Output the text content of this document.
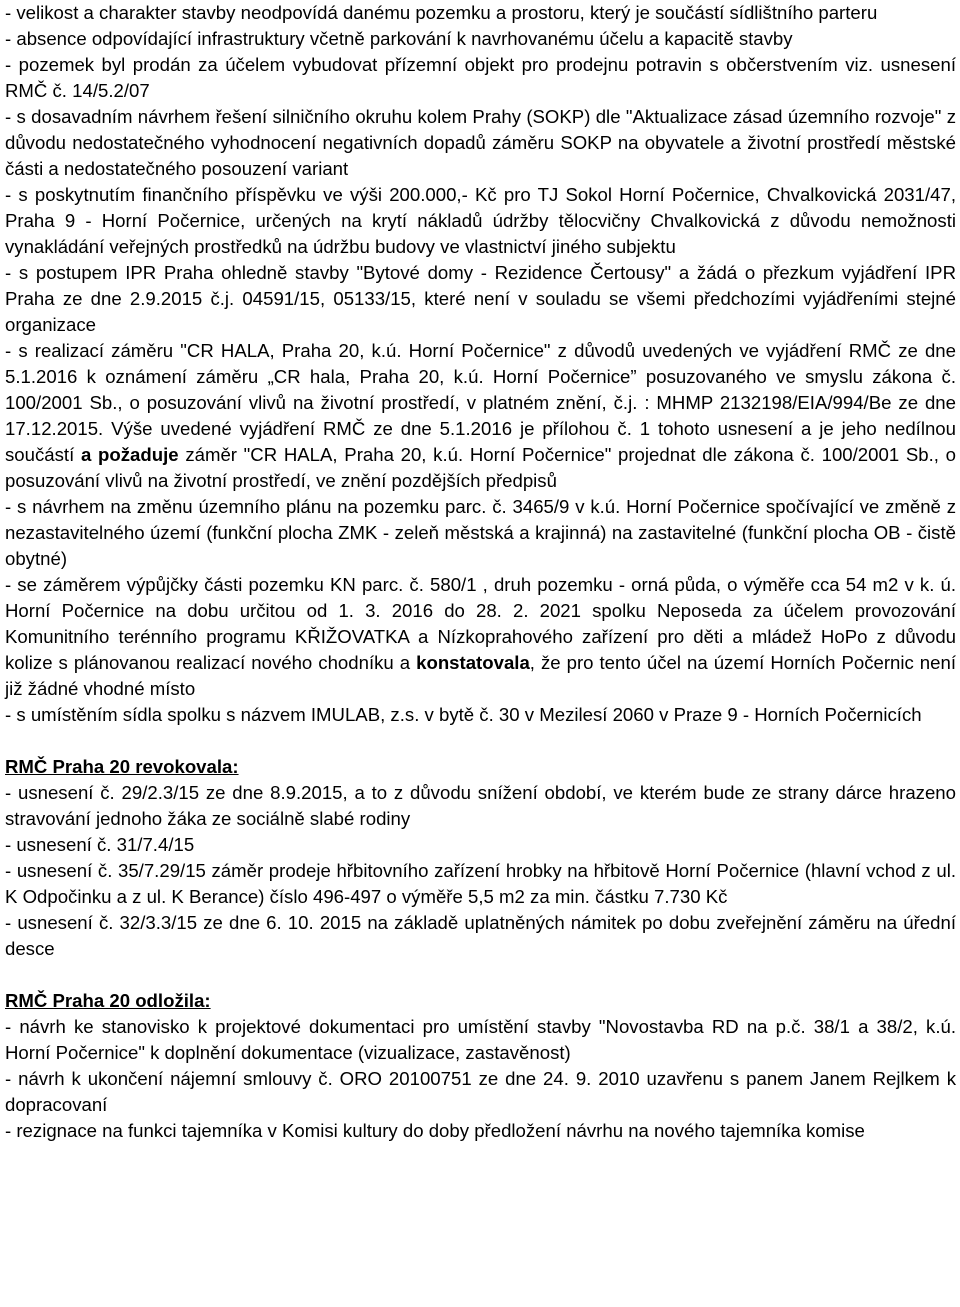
- velikost a charakter stavby neodpovídá danému pozemku a prostoru, který je součástí sídlištního parteru

- absence odpovídající infrastruktury včetně parkování k navrhovanému účelu a kapacitě stavby

- pozemek byl prodán za účelem vybudovat přízemní objekt pro prodejnu potravin s občerstvením viz. usnesení RMČ č. 14/5.2/07

- s dosavadním návrhem řešení silničního okruhu kolem Prahy (SOKP) dle "Aktualizace zásad územního rozvoje" z důvodu nedostatečného vyhodnocení negativních dopadů záměru SOKP na obyvatele a životní prostředí městské části a nedostatečného posouzení variant

- s poskytnutím finančního příspěvku ve výši 200.000,- Kč pro TJ Sokol Horní Počernice, Chvalkovická 2031/47, Praha 9 - Horní Počernice, určených na krytí nákladů údržby tělocvičny Chvalkovická z důvodu nemožnosti vynakládání veřejných prostředků na údržbu budovy ve vlastnictví jiného subjektu

- s postupem IPR Praha ohledně stavby "Bytové domy - Rezidence Čertousy" a žádá o přezkum vyjádření IPR Praha ze dne 2.9.2015 č.j. 04591/15, 05133/15, které není v souladu se všemi předchozími vyjádřeními stejné organizace

- s realizací záměru "CR HALA, Praha 20, k.ú. Horní Počernice" z důvodů uvedených ve vyjádření RMČ ze dne 5.1.2016 k oznámení záměru „CR hala, Praha 20, k.ú. Horní Počernice” posuzovaného ve smyslu zákona č. 100/2001 Sb., o posuzování vlivů na životní prostředí, v platném znění, č.j. : MHMP 2132198/EIA/994/Be ze dne 17.12.2015. Výše uvedené vyjádření RMČ ze dne 5.1.2016 je přílohou č. 1 tohoto usnesení a je jeho nedílnou součástí a požaduje záměr "CR HALA, Praha 20, k.ú. Horní Počernice" projednat dle zákona č. 100/2001 Sb., o posuzování vlivů na životní prostředí, ve znění pozdějších předpisů

- s návrhem na změnu územního plánu na pozemku parc. č. 3465/9 v k.ú. Horní Počernice spočívající ve změně z nezastavitelného území (funkční plocha ZMK - zeleň městská a krajinná) na zastavitelné (funkční plocha OB - čistě obytné)

- se záměrem výpůjčky části pozemku KN parc. č. 580/1 , druh pozemku - orná půda, o výměře cca 54 m2 v k. ú. Horní Počernice na dobu určitou od 1. 3. 2016 do 28. 2. 2021 spolku Neposeda za účelem provozování Komunitního terénního programu KŘIŽOVATKA a Nízkoprahového zařízení pro děti a mládež HoPo z důvodu kolize s plánovanou realizací nového chodníku a konstatovala, že pro tento účel na území Horních Počernic není již žádné vhodné místo

- s umístěním sídla spolku s názvem IMULAB, z.s. v bytě č. 30 v Mezilesí 2060 v Praze 9 - Horních Počernicích

RMČ Praha 20 revokovala:

- usnesení č. 29/2.3/15 ze dne 8.9.2015, a to z důvodu snížení období, ve kterém bude ze strany dárce hrazeno stravování jednoho žáka ze sociálně slabé rodiny

- usnesení č. 31/7.4/15

- usnesení č. 35/7.29/15 záměr prodeje hřbitovního zařízení hrobky na hřbitově Horní Počernice (hlavní vchod z ul. K Odpočinku a z ul. K Berance) číslo 496-497 o výměře 5,5 m2 za min. částku 7.730 Kč

- usnesení č. 32/3.3/15 ze dne 6. 10. 2015 na základě uplatněných námitek po dobu zveřejnění záměru na úřední desce

RMČ Praha 20 odložila:

- návrh ke stanovisko k projektové dokumentaci pro umístění stavby "Novostavba RD na p.č. 38/1 a 38/2, k.ú. Horní Počernice" k doplnění dokumentace (vizualizace, zastavěnost)

- návrh k ukončení nájemní smlouvy č. ORO 20100751 ze dne 24. 9. 2010 uzavřenu s panem Janem Rejlkem k dopracovaní

- rezignace na funkci tajemníka v Komisi kultury do doby předložení návrhu na nového tajemníka komise
